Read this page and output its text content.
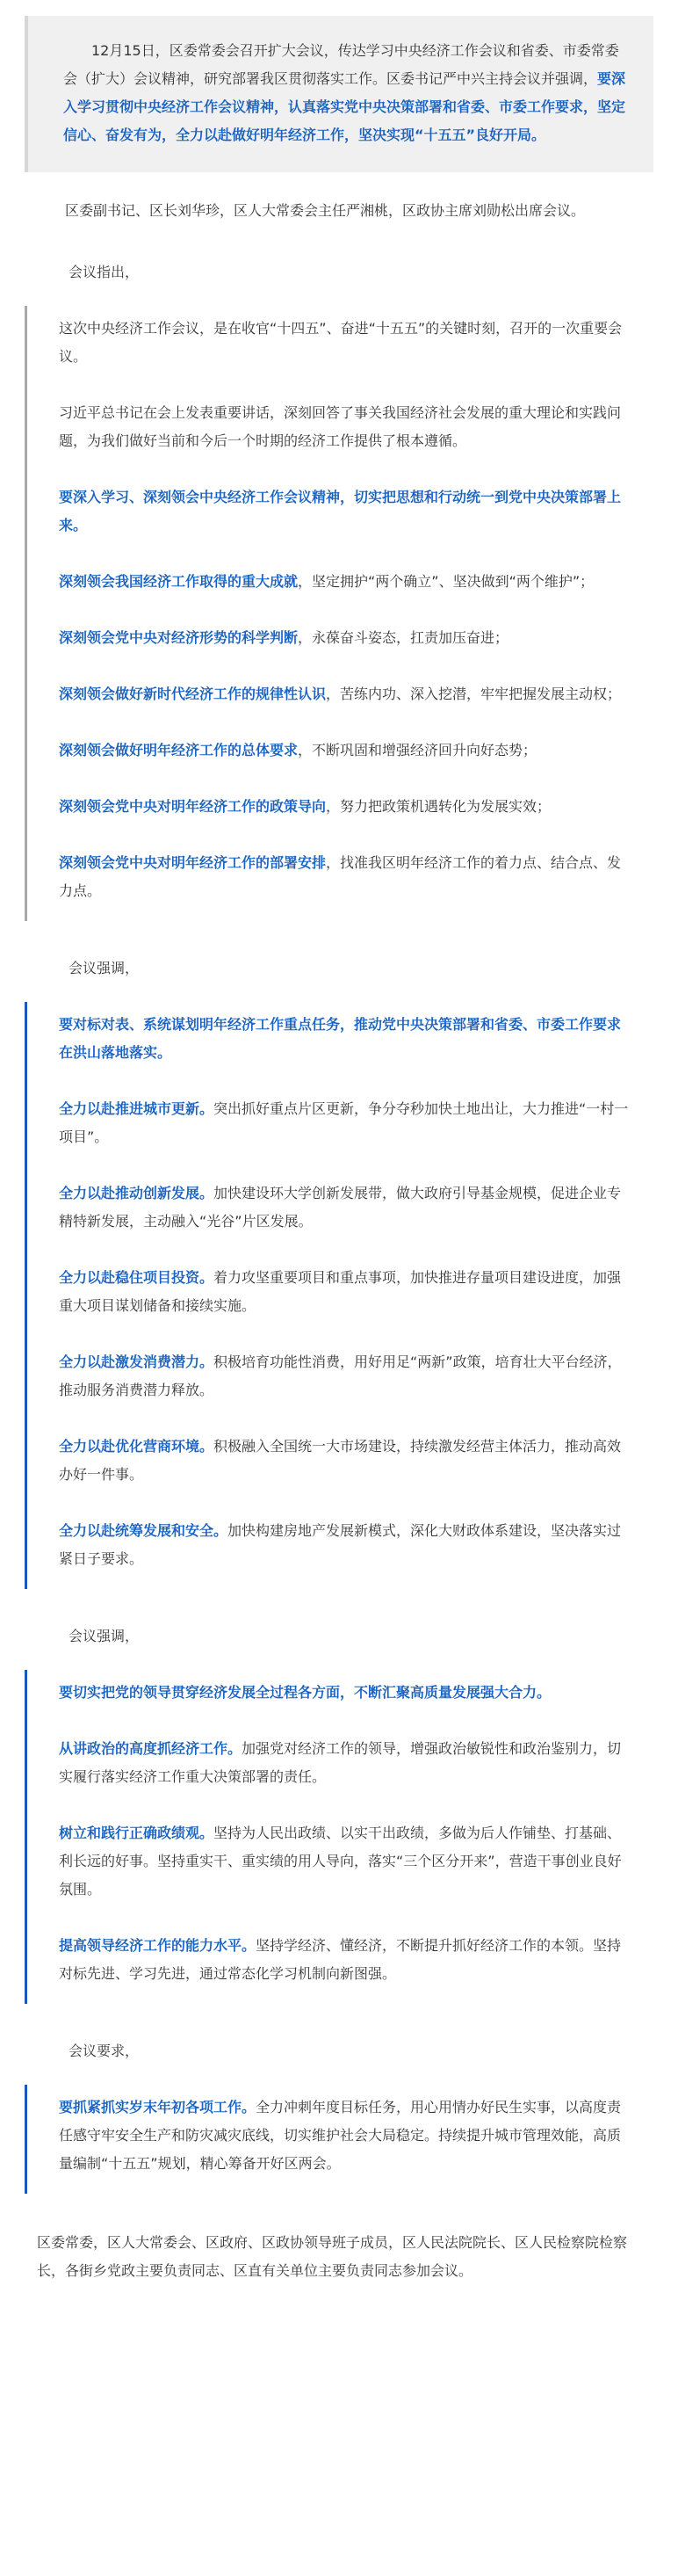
12月15日，区委常委会召开扩大会议，传达学习中央经济工作会议和省委、市委常委会（扩大）会议精神，研究部署我区贯彻落实工作。区委书记严中兴主持会议并强调，要深入学习贯彻中央经济工作会议精神，认真落实党中央决策部署和省委、市委工作要求，坚定信心、奋发有为，全力以赴做好明年经济工作，坚决实现“十五五”良好开局。

区委副书记、区长刘华珍，区人大常委会主任严湘桃，区政协主席刘勋松出席会议。

会议指出，

这次中央经济工作会议，是在收官“十四五”、奋进“十五五”的关键时刻，召开的一次重要会议。

习近平总书记在会上发表重要讲话，深刻回答了事关我国经济社会发展的重大理论和实践问题，为我们做好当前和今后一个时期的经济工作提供了根本遵循。

要深入学习、深刻领会中央经济工作会议精神，切实把思想和行动统一到党中央决策部署上来。

深刻领会我国经济工作取得的重大成就，坚定拥护“两个确立”、坚决做到“两个维护”；

深刻领会党中央对经济形势的科学判断，永葆奋斗姿态，扛责加压奋进；

深刻领会做好新时代经济工作的规律性认识，苦练内功、深入挖潜，牢牢把握发展主动权；

深刻领会做好明年经济工作的总体要求，不断巩固和增强经济回升向好态势；

深刻领会党中央对明年经济工作的政策导向，努力把政策机遇转化为发展实效；

深刻领会党中央对明年经济工作的部署安排，找准我区明年经济工作的着力点、结合点、发力点。

会议强调，

要对标对表、系统谋划明年经济工作重点任务，推动党中央决策部署和省委、市委工作要求在洪山落地落实。

全力以赴推进城市更新。突出抓好重点片区更新，争分夺秒加快土地出让，大力推进“一村一项目”。

全力以赴推动创新发展。加快建设环大学创新发展带，做大政府引导基金规模，促进企业专精特新发展，主动融入“光谷”片区发展。

全力以赴稳住项目投资。着力攻坚重要项目和重点事项，加快推进存量项目建设进度，加强重大项目谋划储备和接续实施。

全力以赴激发消费潜力。积极培育功能性消费，用好用足“两新”政策，培育壮大平台经济，推动服务消费潜力释放。

全力以赴优化营商环境。积极融入全国统一大市场建设，持续激发经营主体活力，推动高效办好一件事。

全力以赴统筹发展和安全。加快构建房地产发展新模式，深化大财政体系建设，坚决落实过紧日子要求。

会议强调，

要切实把党的领导贯穿经济发展全过程各方面，不断汇聚高质量发展强大合力。

从讲政治的高度抓经济工作。加强党对经济工作的领导，增强政治敏锐性和政治鉴别力，切实履行落实经济工作重大决策部署的责任。

树立和践行正确政绩观。坚持为人民出政绩、以实干出政绩，多做为后人作铺垫、打基础、利长远的好事。坚持重实干、重实绩的用人导向，落实“三个区分开来”，营造干事创业良好氛围。

提高领导经济工作的能力水平。坚持学经济、懂经济，不断提升抓好经济工作的本领。坚持对标先进、学习先进，通过常态化学习机制向新图强。

会议要求，

要抓紧抓实岁末年初各项工作。全力冲刺年度目标任务，用心用情办好民生实事，以高度责任感守牢安全生产和防灾减灾底线，切实维护社会大局稳定。持续提升城市管理效能，高质量编制“十五五”规划，精心筹备开好区两会。

区委常委，区人大常委会、区政府、区政协领导班子成员，区人民法院院长、区人民检察院检察长，各街乡党政主要负责同志、区直有关单位主要负责同志参加会议。
